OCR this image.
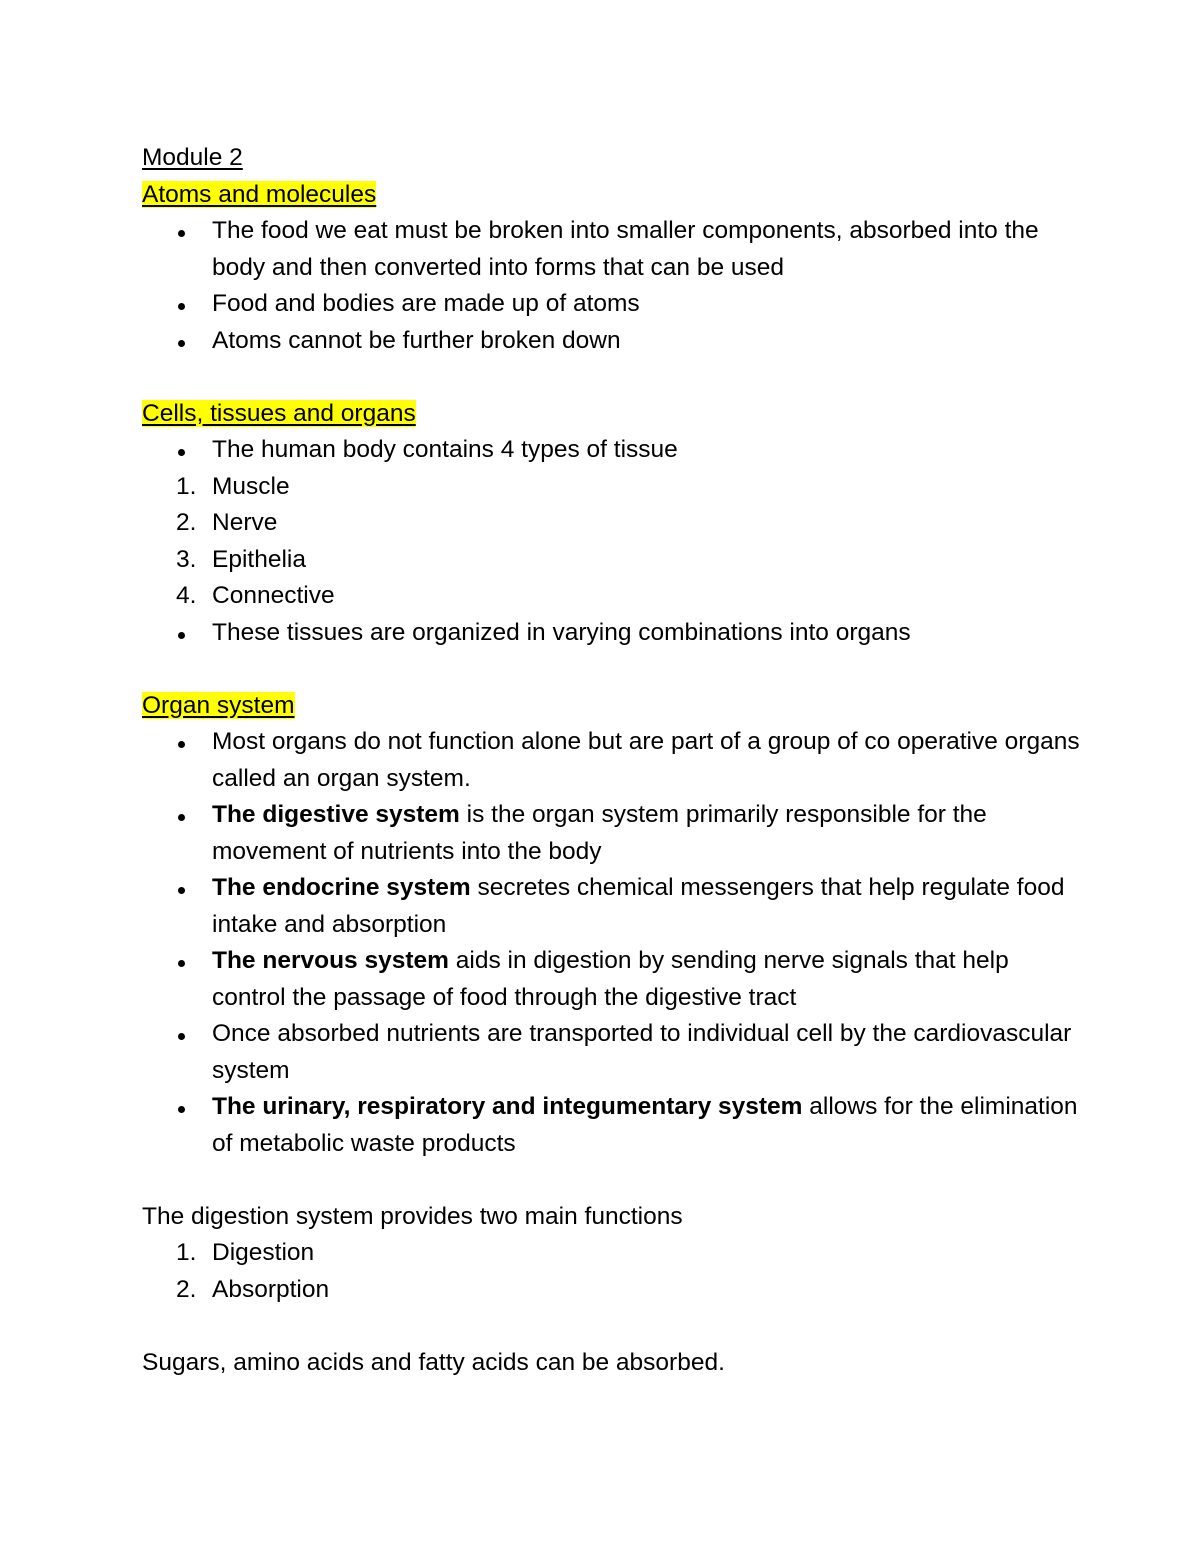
Module 2
Atoms and molecules
The food we eat must be broken into smaller components, absorbed into the body and then converted into forms that can be used
Food and bodies are made up of atoms
Atoms cannot be further broken down
Cells, tissues and organs
The human body contains 4 types of tissue
1. Muscle
2. Nerve
3. Epithelia
4. Connective
These tissues are organized in varying combinations into organs
Organ system
Most organs do not function alone but are part of a group of co operative organs called an organ system.
The digestive system is the organ system primarily responsible for the movement of nutrients into the body
The endocrine system secretes chemical messengers that help regulate food intake and absorption
The nervous system aids in digestion by sending nerve signals that help control the passage of food through the digestive tract
Once absorbed nutrients are transported to individual cell by the cardiovascular system
The urinary, respiratory and integumentary system allows for the elimination of metabolic waste products
The digestion system provides two main functions
1. Digestion
2. Absorption
Sugars, amino acids and fatty acids can be absorbed.
